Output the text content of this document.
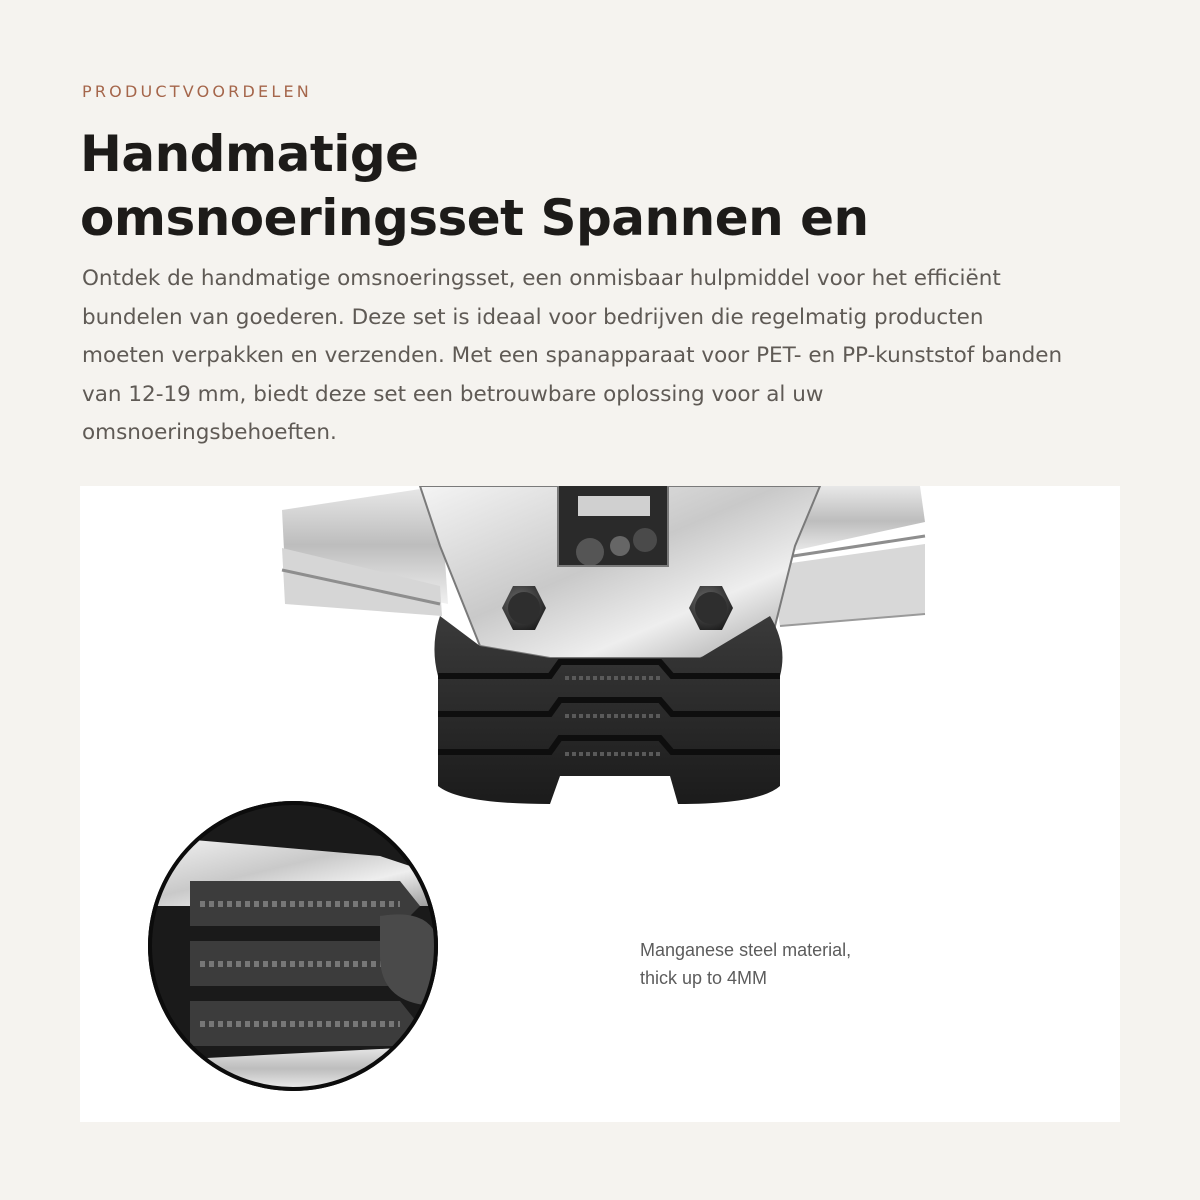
PRODUCTVOORDELEN
Handmatige
omsnoeringsset Spannen en

Ontdek de handmatige omsnoeringsset, een onmisbaar hulpmiddel voor het efficiënt bundelen van goederen. Deze set is ideaal voor bedrijven die regelmatig producten moeten verpakken en verzenden. Met een spanapparaat voor PET- en PP-kunststof banden van 12-19 mm, biedt deze set een betrouwbare oplossing voor al uw omsnoeringsbehoeften.

Manganese steel material,
thick up to 4MM
